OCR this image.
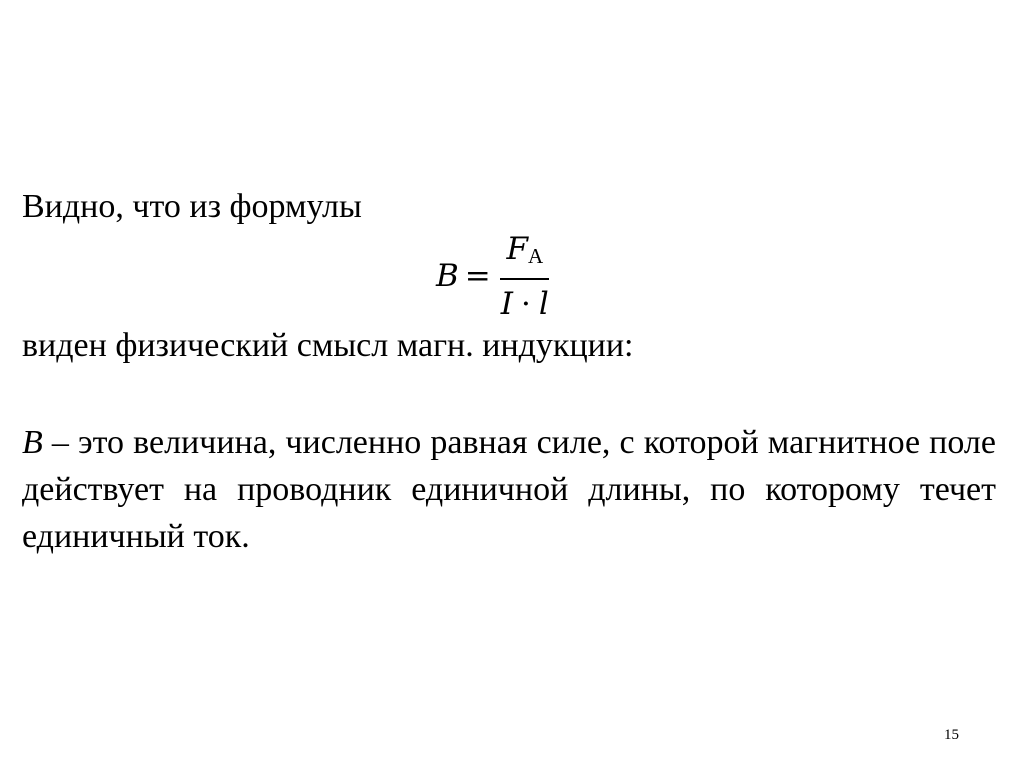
Видно, что из формулы
$B = \frac{FА}{I \cdot l}$
виден физический смысл магн. индукции:
B – это величина, численно равная силе, с которой магнитное поле действует на проводник единичной длины, по которому течет единичный ток.
15
